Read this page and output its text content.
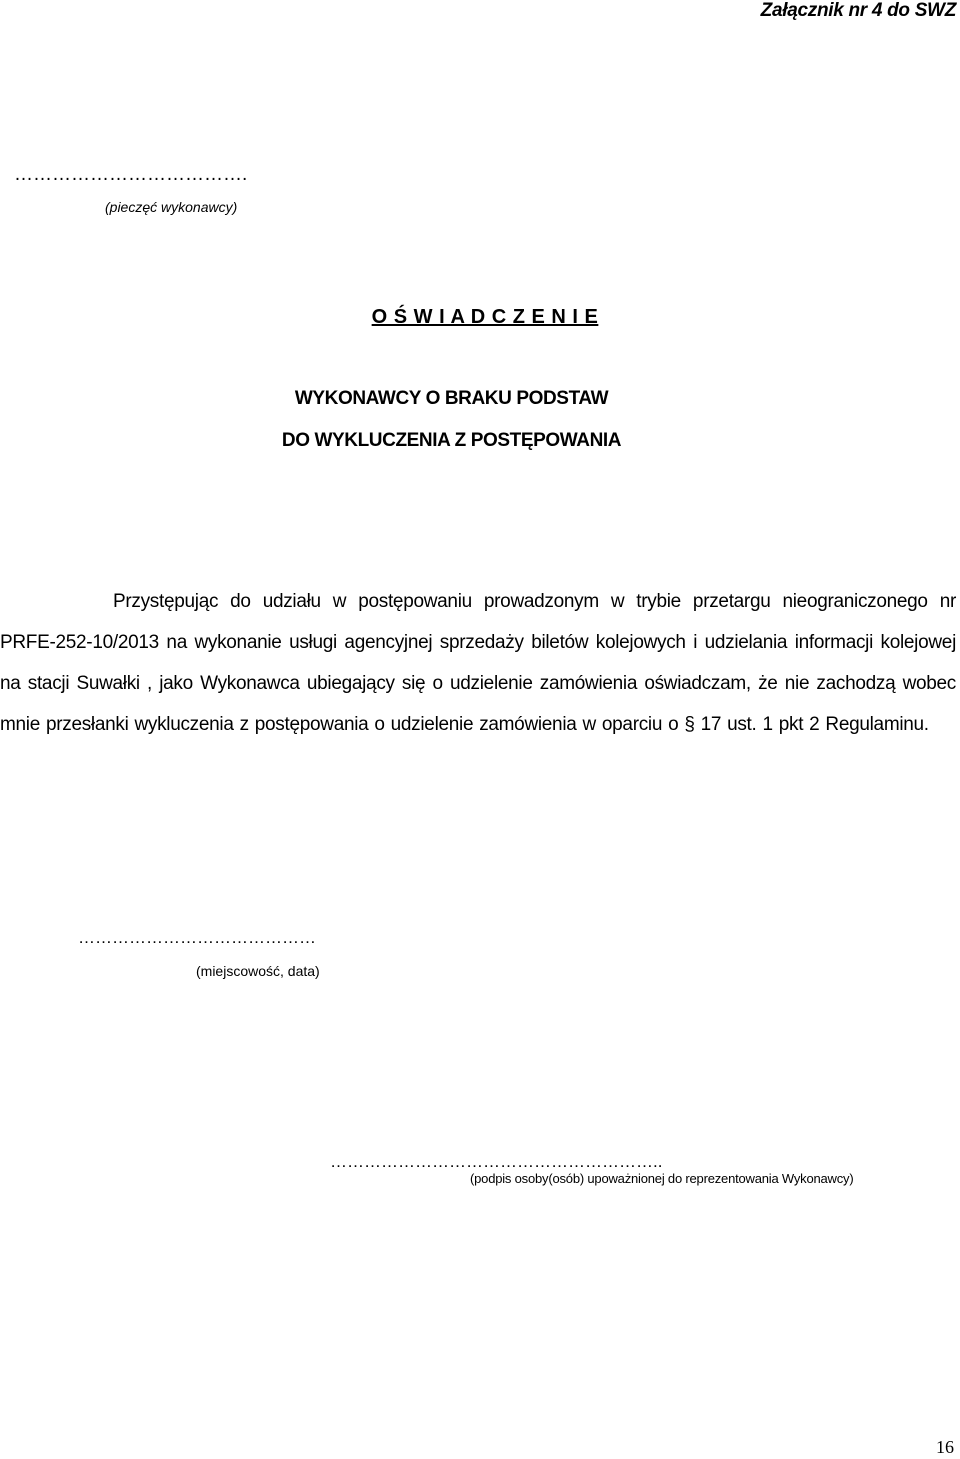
Załącznik nr 4 do SWZ
……………………………….
(pieczęć wykonawcy)
O Ś W I A D C Z E N I E
WYKONAWCY O BRAKU PODSTAW
DO WYKLUCZENIA Z POSTĘPOWANIA
Przystępując do udziału w postępowaniu prowadzonym w trybie przetargu nieograniczonego nr PRFE-252-10/2013 na wykonanie usługi agencyjnej sprzedaży biletów kolejowych i udzielania informacji kolejowej na stacji Suwałki , jako Wykonawca ubiegający się o udzielenie zamówienia oświadczam, że nie zachodzą wobec mnie przesłanki wykluczenia z postępowania o udzielenie zamówienia w oparciu o § 17 ust. 1 pkt 2 Regulaminu.
……………………………………
(miejscowość, data)
…………………………………………………..
(podpis osoby(osób) upoważnionej do reprezentowania Wykonawcy)
16
